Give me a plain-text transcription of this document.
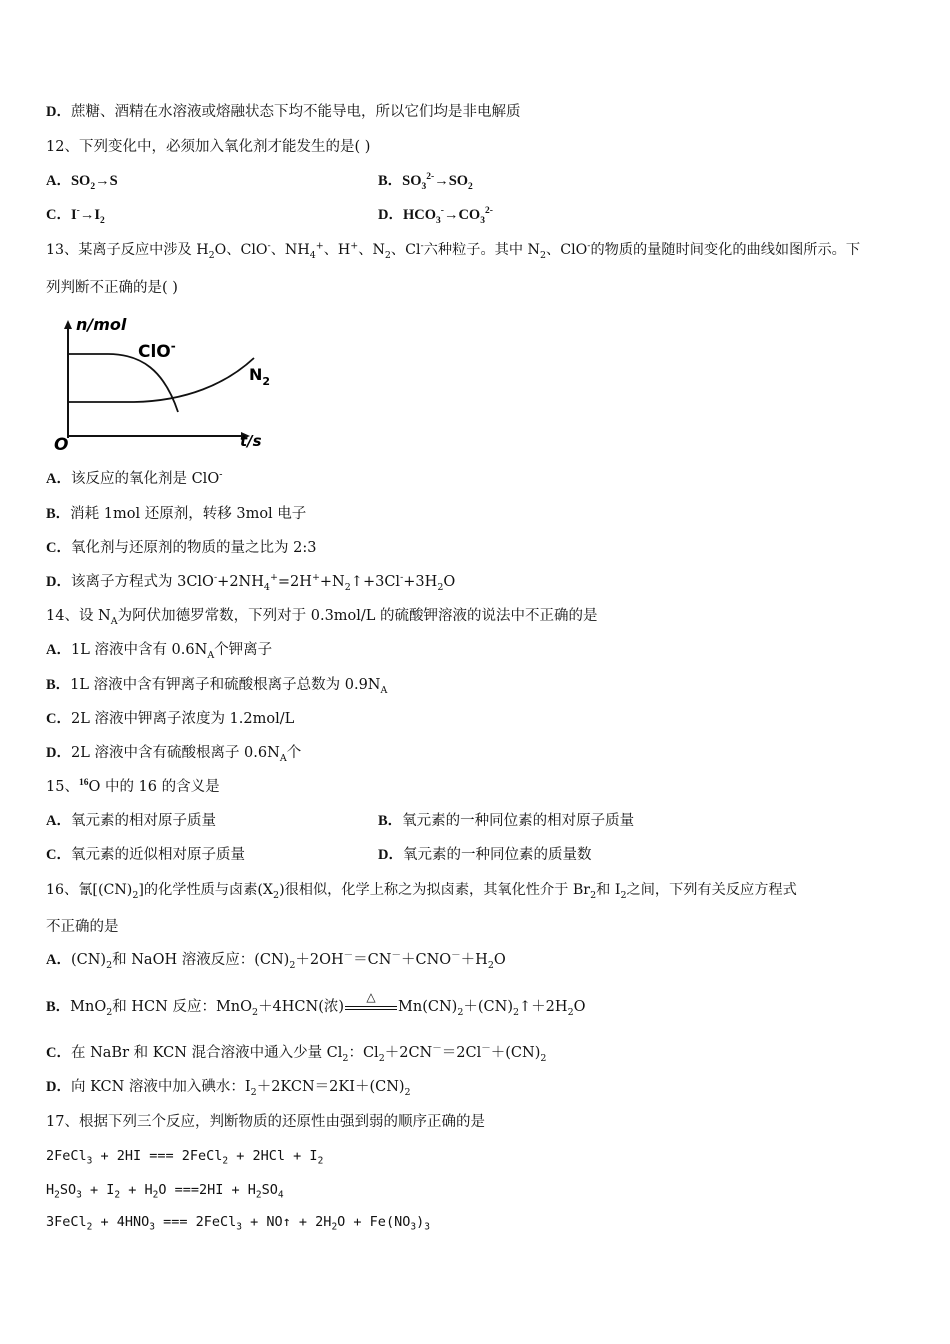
D．蔗糖、酒精在水溶液或熔融状态下均不能导电，所以它们均是非电解质
12、下列变化中，必须加入氧化剂才能发生的是( )
A．$SO_2\to S$	B．$SO_3^{2-}\to SO_2$
C．$I^-\to I_2$	D．$HCO_3^-\to CO_3^{2-}$
13、某离子反应中涉及 $H_2O$、ClO-、$NH_4^+$、H+、$N_2$、Cl-六种粒子。其中 $N_2$、ClO-的物质的量随时间变化的曲线如图所示。下
列判断不正确的是( )
n/mol
t/s
O
ClO-
$N_2$
A．该反应的氧化剂是 ClO-
B．消耗 1mol 还原剂，转移 3mol 电子
C．氧化剂与还原剂的物质的量之比为 2:3
D．该离子方程式为 $3ClO^-+2NH_4^+=2H^++N_2↑+3Cl^-+3H_2O$
14、设 $N_A$为阿伏加德罗常数，下列对于 0.3mol/L 的硫酸钾溶液的说法中不正确的是
A．1L 溶液中含有 $0.6N_A$个钾离子
B．1L 溶液中含有钾离子和硫酸根离子总数为 $0.9N_A$
C．2L 溶液中钾离子浓度为 1.2mol/L
D．2L 溶液中含有硫酸根离子 $0.6N_A$个
15、$^{16}$O 中的 16 的含义是
A．氧元素的相对原子质量	B．氧元素的一种同位素的相对原子质量
C．氧元素的近似相对原子质量	D．氧元素的一种同位素的质量数
16、氰$[(CN)_2]$的化学性质与卤素$(X_2)$很相似，化学上称之为拟卤素，其氧化性介于 $Br_2$和 $I_2$之间，下列有关反应方程式
不正确的是
A．$(CN)_2$和 NaOH 溶液反应：$(CN)_2+2OH^-=CN^-+CNO^-+H_2O$
B．MnO$_2$和 HCN 反应：MnO$_2$＋4HCN(浓)
△
$Mn(CN)_2+(CN)_2↑+2H_2O$
C．在 NaBr 和 KCN 混合溶液中通入少量 $Cl_2$：$Cl_2+2CN^-=2Cl^-+(CN)_2$
D．向 KCN 溶液中加入碘水：$I_2+2KCN=2KI+(CN)_2$
17、根据下列三个反应，判断物质的还原性由强到弱的顺序正确的是
2FeCl$_3$ + 2HI === 2FeCl$_2$ + $2HCl + I_2$
$H_2SO_3 + I_2 + H_2O ===2HI + H_2SO_4$
3FeCl$_2$ + $4HNO_3$ === 2FeCl$_3$ + NO↑ + $2H_2O + Fe(NO_3)_3$
